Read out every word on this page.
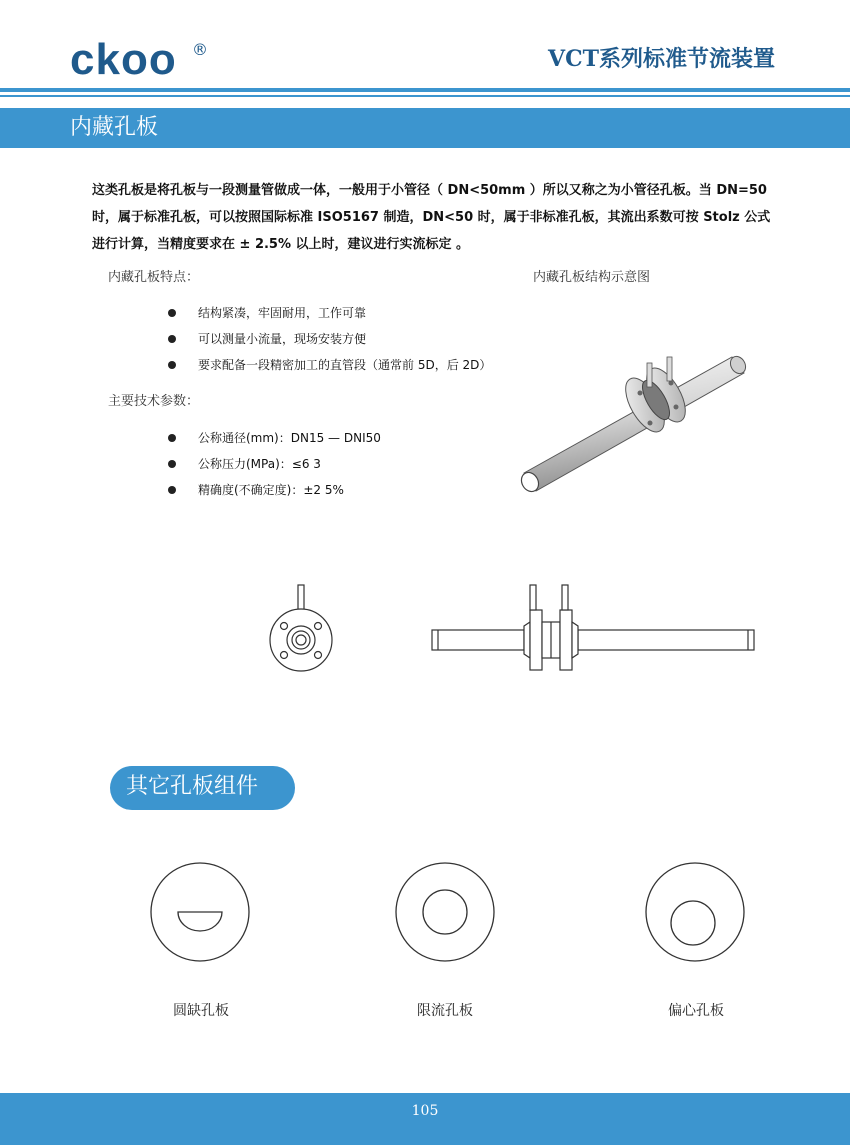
ckoo ®	VCT系列标准节流装置
内藏孔板
这类孔板是将孔板与一段测量管做成一体，一般用于小管径（ DN<50mm ）所以又称之为小管径孔板。当 DN=50 时，属于标准孔板，可以按照国际标准 ISO5167 制造，DN<50 时，属于非标准孔板，其流出系数可按 Stolz 公式进行计算，当精度要求在 ± 2.5% 以上时，建议进行实流标定 。
内藏孔板特点：
结构紧凑，牢固耐用，工作可靠
可以测量小流量，现场安装方便
要求配备一段精密加工的直管段（通常前 5D，后 2D）
主要技术参数：
公称通径(mm)：DN15 — DNI50
公称压力(MPa)：≤6 3
精确度(不确定度)：±2 5%
内藏孔板结构示意图
其它孔板组件
圆缺孔板	限流孔板	偏心孔板
105
